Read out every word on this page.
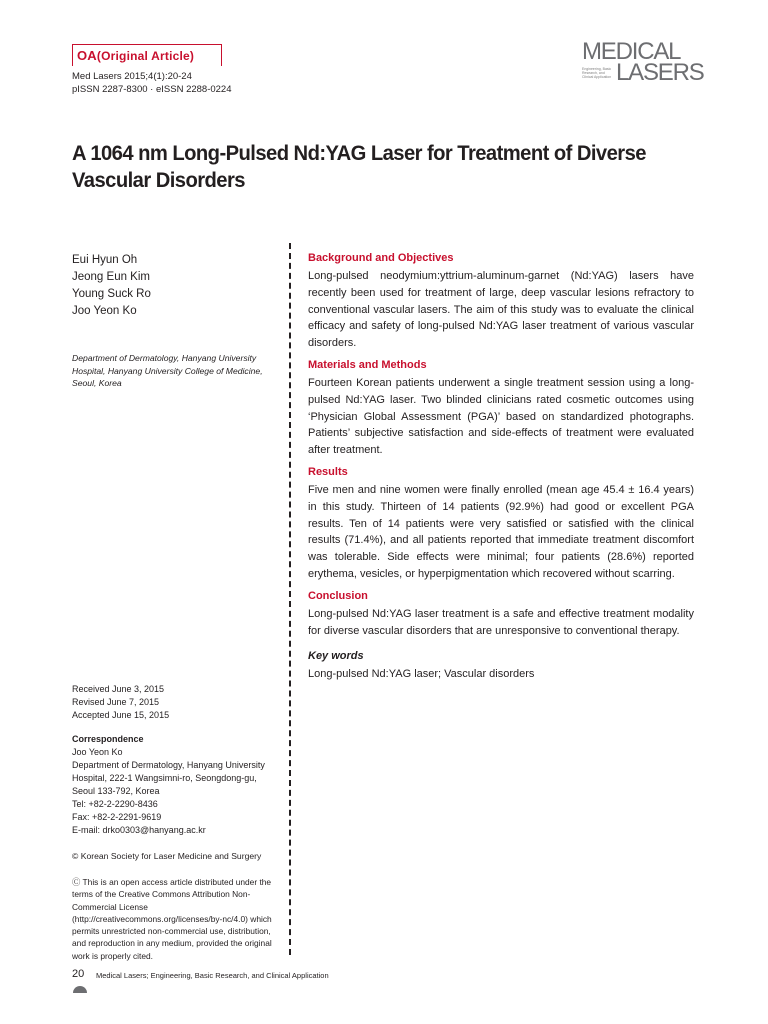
OA(Original Article)
Med Lasers 2015;4(1):20-24
pISSN 2287-8300 · eISSN 2288-0224
MEDICAL
LASERS
Engineering, Basic Research, and Clinical Application
A 1064 nm Long-Pulsed Nd:YAG Laser for Treatment of Diverse Vascular Disorders
Eui Hyun Oh
Jeong Eun Kim
Young Suck Ro
Joo Yeon Ko
Department of Dermatology, Hanyang University Hospital, Hanyang University College of Medicine, Seoul, Korea
Received June 3, 2015
Revised June 7, 2015
Accepted June 15, 2015
Correspondence
Joo Yeon Ko
Department of Dermatology, Hanyang University
Hospital, 222-1 Wangsimni-ro, Seongdong-gu,
Seoul 133-792, Korea
Tel: +82-2-2290-8436
Fax: +82-2-2291-9619
E-mail: drko0303@hanyang.ac.kr
© Korean Society for Laser Medicine and Surgery
Ⓒ This is an open access article distributed under the terms of the Creative Commons Attribution Non-Commercial License (http://creativecommons.org/licenses/by-nc/4.0) which permits unrestricted non-commercial use, distribution, and reproduction in any medium, provided the original work is properly cited.
Background and Objectives
Long-pulsed neodymium:yttrium-aluminum-garnet (Nd:YAG) lasers have recently been used for treatment of large, deep vascular lesions refractory to conventional vascular lasers. The aim of this study was to evaluate the clinical efficacy and safety of long-pulsed Nd:YAG laser treatment of various vascular disorders.
Materials and Methods
Fourteen Korean patients underwent a single treatment session using a long-pulsed Nd:YAG laser. Two blinded clinicians rated cosmetic outcomes using ‘Physician Global Assessment (PGA)’ based on standardized photographs. Patients’ subjective satisfaction and side-effects of treatment were evaluated after treatment.
Results
Five men and nine women were finally enrolled (mean age 45.4 ± 16.4 years) in this study. Thirteen of 14 patients (92.9%) had good or excellent PGA results. Ten of 14 patients were very satisfied or satisfied with the clinical results (71.4%), and all patients reported that immediate treatment discomfort was tolerable. Side effects were minimal; four patients (28.6%) reported erythema, vesicles, or hyperpigmentation which recovered without scarring.
Conclusion
Long-pulsed Nd:YAG laser treatment is a safe and effective treatment modality for diverse vascular disorders that are unresponsive to conventional therapy.
Key words
Long-pulsed Nd:YAG laser; Vascular disorders
20 Medical Lasers; Engineering, Basic Research, and Clinical Application
